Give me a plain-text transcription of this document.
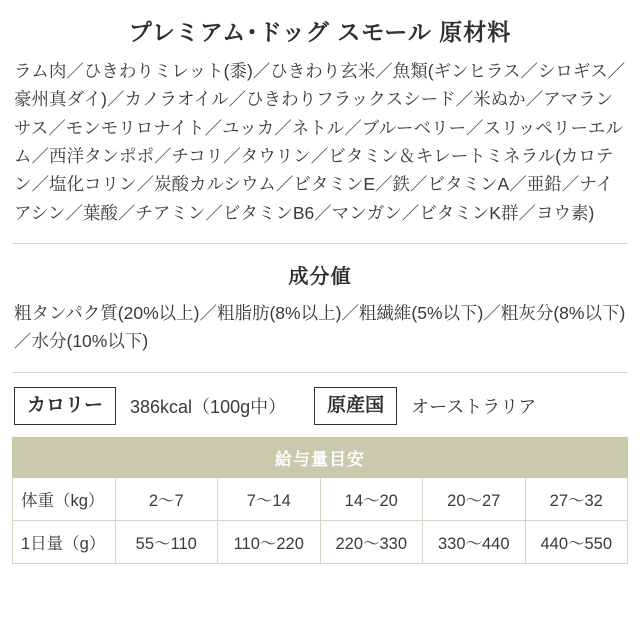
プレミアム･ドッグ スモール 原材料
ラム肉／ひきわりミレット(黍)／ひきわり玄米／魚類(ギンヒラス／シロギス／豪州真ダイ)／カノラオイル／ひきわりフラックスシード／米ぬか／アマランサス／モンモリロナイト／ユッカ／ネトル／ブルーベリー／スリッペリーエルム／西洋タンポポ／チコリ／タウリン／ビタミン＆キレートミネラル(カロテン／塩化コリン／炭酸カルシウム／ビタミンE／鉄／ビタミンA／亜鉛／ナイアシン／葉酸／チアミン／ビタミンB6／マンガン／ビタミンK群／ヨウ素)
成分値
粗タンパク質(20%以上)／粗脂肪(8%以上)／粗繊維(5%以下)／粗灰分(8%以下)／水分(10%以下)
カロリー	386kcal（100g中）	原産国	オーストラリア
給与量目安					
体重（kg）	2〜7	7〜14	14〜20	20〜27	27〜32
1日量（g）	55〜110	110〜220	220〜330	330〜440	440〜550
